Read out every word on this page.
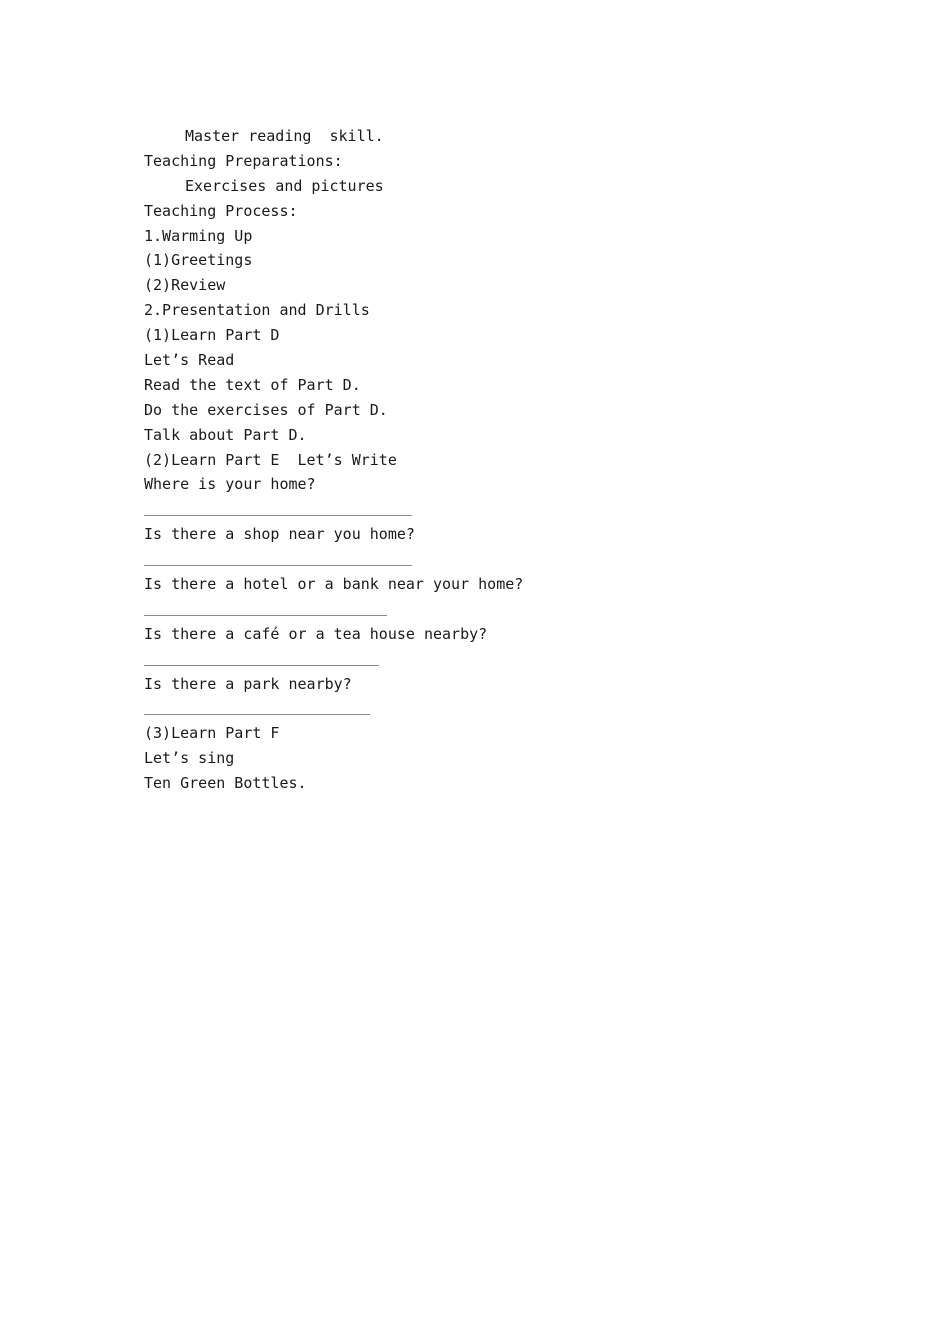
Master reading  skill.
Teaching Preparations:
Exercises and pictures
Teaching Process:
1.Warming Up
(1)Greetings
(2)Review
2.Presentation and Drills
(1)Learn Part D
Let’s Read
Read the text of Part D.
Do the exercises of Part D.
Talk about Part D.
(2)Learn Part E  Let’s Write
Where is your home?
Is there a shop near you home?
Is there a hotel or a bank near your home?
Is there a café or a tea house nearby?
Is there a park nearby?
(3)Learn Part F
Let’s sing
Ten Green Bottles.
